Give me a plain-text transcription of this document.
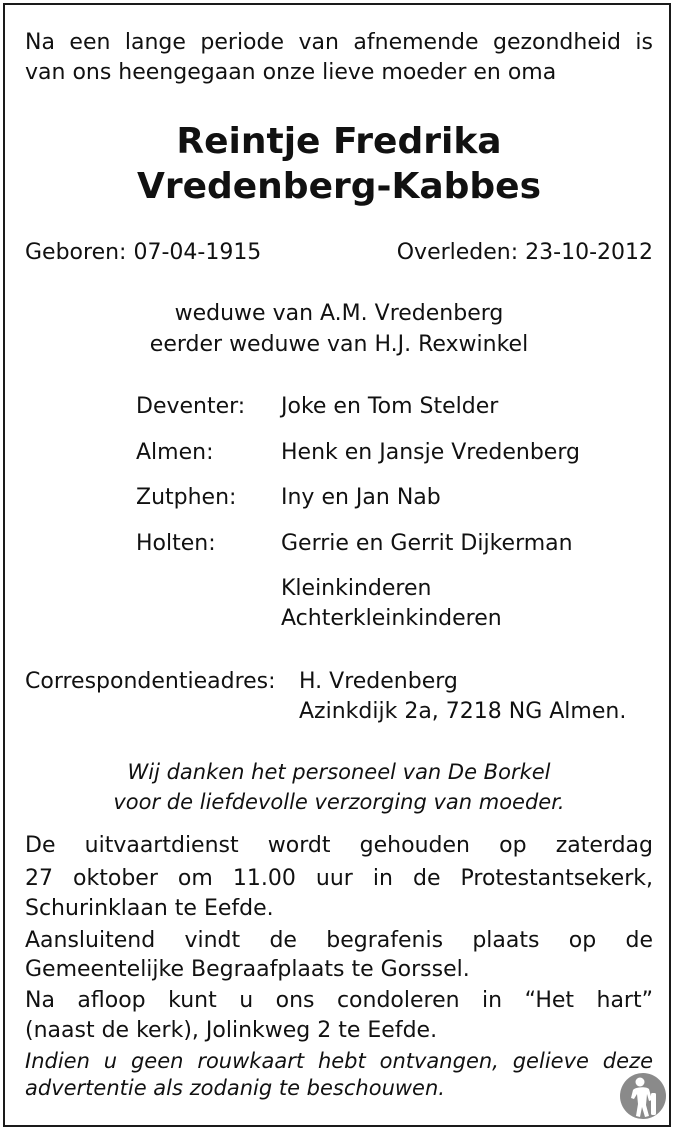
Na een lange periode van afnemende gezondheid is
van ons heengegaan onze lieve moeder en oma
Reintje Fredrika
Vredenberg-Kabbes
Geboren: 07-04-1915	Overleden: 23-10-2012
weduwe van A.M. Vredenberg
eerder weduwe van H.J. Rexwinkel
Deventer: Joke en Tom Stelder
Almen:	Henk en Jansje Vredenberg
Zutphen: Iny en Jan Nab
Holten:	Gerrie en Gerrit Dijkerman
Kleinkinderen
Achterkleinkinderen
Correspondentieadres: H. Vredenberg
Azinkdijk 2a, 7218 NG Almen.
Wij danken het personeel van De Borkel
voor de liefdevolle verzorging van moeder.
De uitvaartdienst wordt gehouden op zaterdag
27 oktober om 11.00 uur in de Protestantsekerk,
Schurinklaan te Eefde.
Aansluitend vindt de begrafenis plaats op de
Gemeentelijke Begraafplaats te Gorssel.
Na afloop kunt u ons condoleren in “Het hart”
(naast de kerk), Jolinkweg 2 te Eefde.
Indien u geen rouwkaart hebt ontvangen, gelieve deze
advertentie als zodanig te beschouwen.
